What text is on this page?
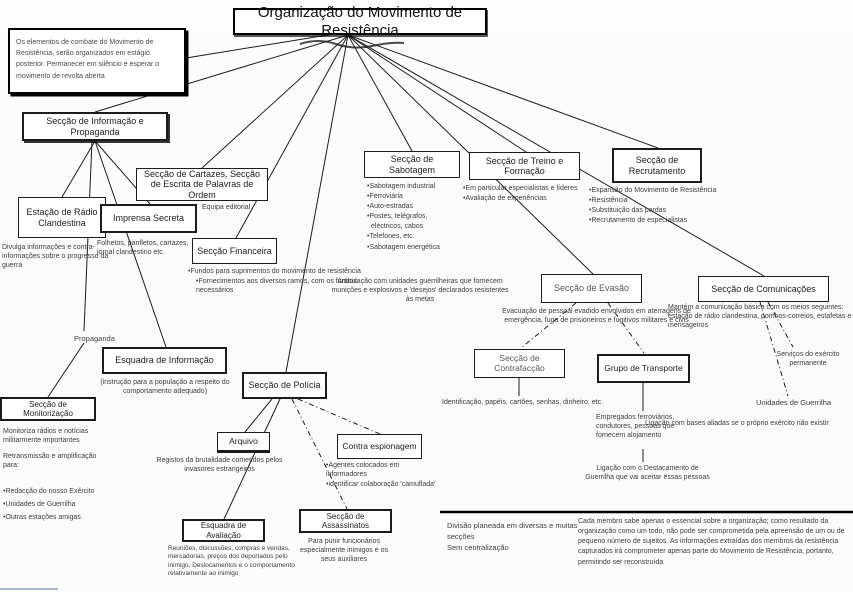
Organização do Movimento de Resistência
Os elementos de combate do Movimento de Resistência, serão organizados em estágio posterior. Permanecer em silêncio e esperar o movimento de revolta aberta
Secção de Informação e Propaganda
Estação de Rádio Clandestina
Secção de Cartazes, Secção de Escrita de Palavras de Ordem
Imprensa Secreta
Secção Financeira
Secção de Sabotagem
Secção de Treino e Formação
Secção de Recrutamento
Secção de Evasão	Secção de Comunicações
Esquadra de Informação
Secção de Polícia
Secção de Monitorização
Arquivo	Contra espionagem
Esquadra de Avaliação
Secção de Assassinatos
Secção de Contrafacção	Grupo de Transporte
Divulga informações e contra-informações sobre o progresso da guerra
Equipa editorial
Folhetos, panfletos, cartazes, jornal clandestino etc.
•Fundos para suprimentos do movimento de resistência
•Fornecimentos aos diversos ramos, com os fundos necessários
•Sabotagem industrial
•Ferroviária
•Auto-estradas
•Postes, telégrafos,
eléctricos, cabos
•Telefones, etc.
•Sabotagem energética
•Em particular especialistas e líderes
•Avaliação de experiências
•Expansão do Movimento de Resistência
•Resistência
•Substituição das perdas
•Recrutamento de especialistas
Articulação com unidades guerrilheiras que fornecem munições e explosivos e 'desejos' declarados resistentes às metas
Evacuação de pessoal evadido envolvidos em aterragens de emergência, fuga de prisioneiros e fugitivos militares e civis
Mantém a comunicação básica com os meios seguintes: estação de rádio clandestina, pombos-correios, estafetas e mensageiros
Propaganda
(instrução para a população a respeito do comportamento adequado)
Monitoriza rádios e notícias militarmente importantes
Retransmissão e amplificação para:
•Redacção do nosso Exército
•Unidades de Guerrilha
•Outras estações amigas
Registos da brutalidade cometidos pelos invasores estrangeiros
•Agentes colocados em informadores
•identificar colaboração 'camuflada'
Reuniões, discussões, compras e vendas, mercadorias, preços dos deportados pelo inimigo. Deslocamentos e o comportamento relativamente ao inimigo
Para punir funcionários especialmente inimigos e os seus auxiliares
Identificação, papéis, cartões, senhas, dinheiro, etc.
Empregados ferroviários, condutores, pessoas que fornecem alojamento
Ligação com o Destacamento de Guerrilha que vai aceitar essas pessoas
Serviços do exército permanente
Unidades de Guerrilha
Ligação com bases aliadas se o próprio exército não existir
Divisão planeada em diversas e muitas secções
Sem centralização
Cada membro sabe apenas o essencial sobre a organização; como resultado da organização como um todo, não pode ser comprometida pela apreensão de um ou de pequeno número de sujeitos. As informações extraídas dos membros da resistência capturados irá comprometer apenas parte do Movimento de Resistência, portanto, permitindo ser reconstruída
